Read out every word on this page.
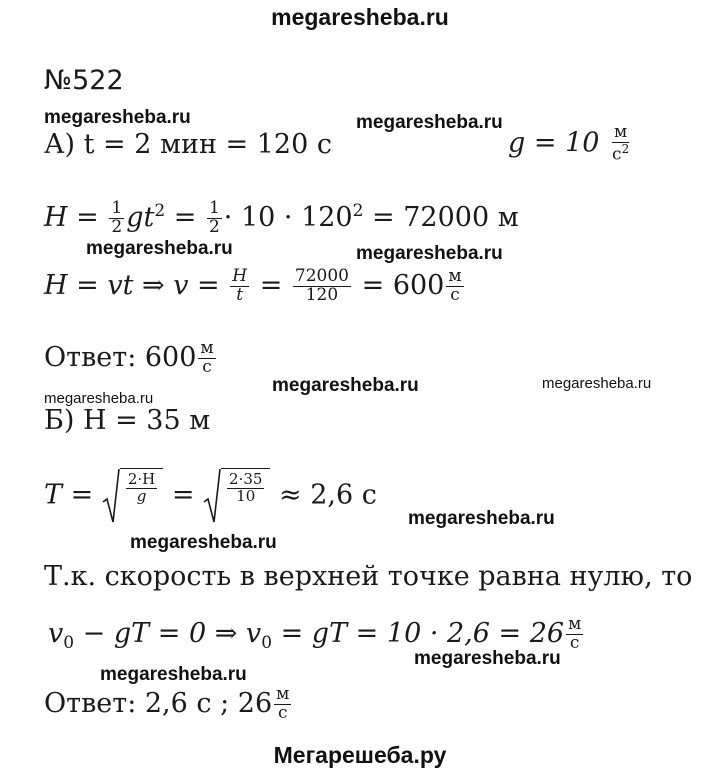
megaresheba.ru
№522
megaresheba.ru	megaresheba.ru
А) t = 2 мин = 120 с	$g = 10 \frac{м}{с^2}$
$H = \frac{1}{2} gt^2 = \frac{1}{2} \cdot 10 \cdot 120^2 = 72000$ м
megaresheba.ru	megaresheba.ru
H = vt ⇒ $v = \frac{H}{t} = \frac{72000}{120} = 600 \frac{м}{с}$
Ответ: $600 \frac{м}{с}$
megaresheba.ru
megaresheba.ru	megaresheba.ru
Б) H = 35 м
$T = \frac{2\cdot H}{g} = \frac{2\cdot 35}{10} \approx 2,6$ с
megaresheba.ru
megaresheba.ru
Т.к. скорость в верхней точке равна нулю, то
$v_0$ − gT = 0 ⇒ $v_0$ = gT = $10 \cdot 2,6 = 26 \frac{м}{с}$
megaresheba.ru
megaresheba.ru
Ответ: 2,6 с ; $26 \frac{м}{с}$
Мегарешеба.ру
